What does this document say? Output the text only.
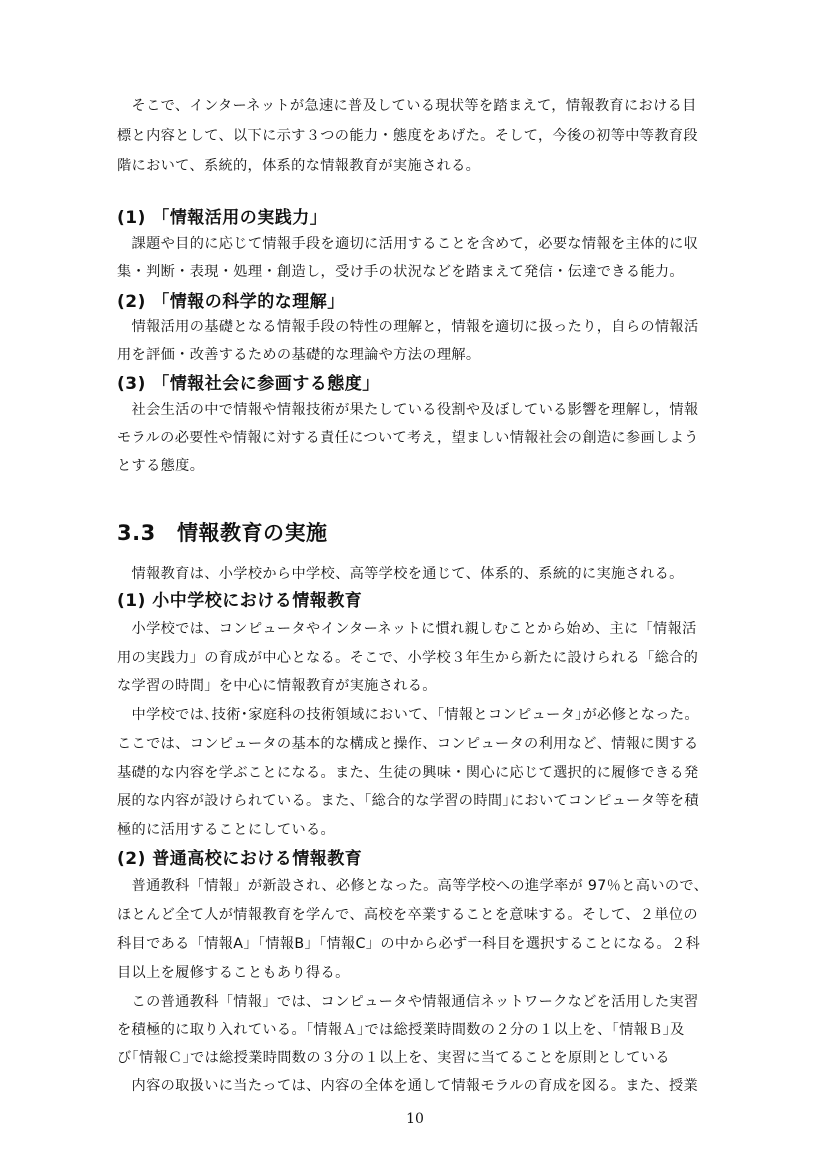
　そこで、インターネットが急速に普及している現状等を踏まえて，情報教育における目
標と内容として、以下に示す３つの能力・態度をあげた。そして，今後の初等中等教育段
階において、系統的，体系的な情報教育が実施される。
(1) 「情報活用の実践力」
　課題や目的に応じて情報手段を適切に活用することを含めて，必要な情報を主体的に収
集・判断・表現・処理・創造し，受け手の状況などを踏まえて発信・伝達できる能力。
(2) 「情報の科学的な理解」
　情報活用の基礎となる情報手段の特性の理解と，情報を適切に扱ったり，自らの情報活
用を評価・改善するための基礎的な理論や方法の理解。
(3) 「情報社会に参画する態度」
　社会生活の中で情報や情報技術が果たしている役割や及ぼしている影響を理解し，情報
モラルの必要性や情報に対する責任について考え，望ましい情報社会の創造に参画しよう
とする態度。
3.3 情報教育の実施
　情報教育は、小学校から中学校、高等学校を通じて、体系的、系統的に実施される。
(1) 小中学校における情報教育
　小学校では、コンピュータやインターネットに慣れ親しむことから始め、主に「情報活
用の実践力」の育成が中心となる。そこで、小学校３年生から新たに設けられる「総合的
な学習の時間」を中心に情報教育が実施される。
　中学校では､技術･家庭科の技術領域において、｢情報とコンピュータ｣が必修となった。
ここでは、コンピュータの基本的な構成と操作、コンピュータの利用など、情報に関する
基礎的な内容を学ぶことになる。また、生徒の興味・関心に応じて選択的に履修できる発
展的な内容が設けられている。また、｢総合的な学習の時間｣においてコンピュータ等を積
極的に活用することにしている。
(2) 普通高校における情報教育
　普通教科「情報」が新設され、必修となった。高等学校への進学率が 97％と高いので、
ほとんど全て人が情報教育を学んで、高校を卒業することを意味する。そして、２単位の
科目である「情報A」「情報B」「情報C」の中から必ず一科目を選択することになる。２科
目以上を履修することもあり得る。
　この普通教科「情報」では、コンピュータや情報通信ネットワークなどを活用した実習
を積極的に取り入れている。｢情報Ａ｣では総授業時間数の２分の１以上を、｢情報Ｂ｣及
び｢情報Ｃ｣では総授業時間数の３分の１以上を、実習に当てることを原則としている
　内容の取扱いに当たっては、内容の全体を通して情報モラルの育成を図る。また、授業
10
